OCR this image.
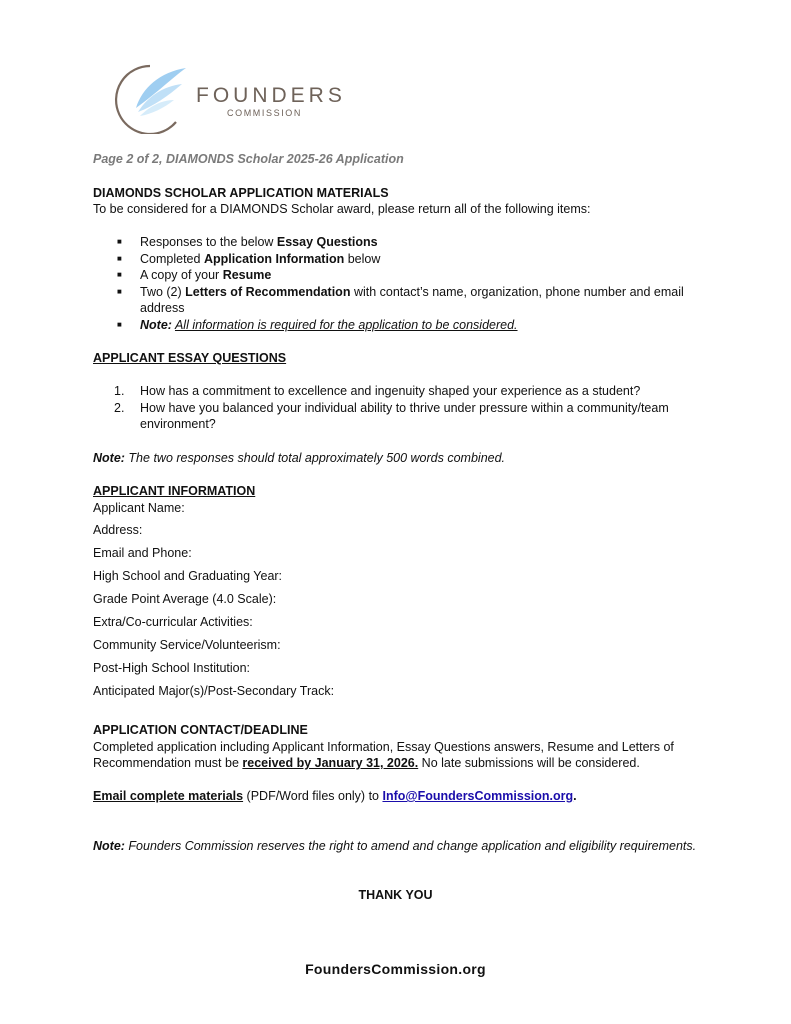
FOUNDERS
COMMISSION
Page 2 of 2, DIAMONDS Scholar 2025-26 Application
DIAMONDS SCHOLAR APPLICATION MATERIALS
To be considered for a DIAMONDS Scholar award, please return all of the following items:
■ Responses to the below Essay Questions
■ Completed Application Information below
■ A copy of your Resume
■ Two (2) Letters of Recommendation with contact’s name, organization, phone number and email
address
■ Note: All information is required for the application to be considered.
APPLICANT ESSAY QUESTIONS
1. How has a commitment to excellence and ingenuity shaped your experience as a student?
2. How have you balanced your individual ability to thrive under pressure within a community/team
environment?
Note: The two responses should total approximately 500 words combined.
APPLICANT INFORMATION
Applicant Name:
Address:
Email and Phone:
High School and Graduating Year:
Grade Point Average (4.0 Scale):
Extra/Co-curricular Activities:
Community Service/Volunteerism:
Post-High School Institution:
Anticipated Major(s)/Post-Secondary Track:
APPLICATION CONTACT/DEADLINE
Completed application including Applicant Information, Essay Questions answers, Resume and Letters of
Recommendation must be received by January 31, 2026. No late submissions will be considered.
Email complete materials (PDF/Word files only) to Info@FoundersCommission.org.
Note: Founders Commission reserves the right to amend and change application and eligibility requirements.
THANK YOU
FoundersCommission.org
